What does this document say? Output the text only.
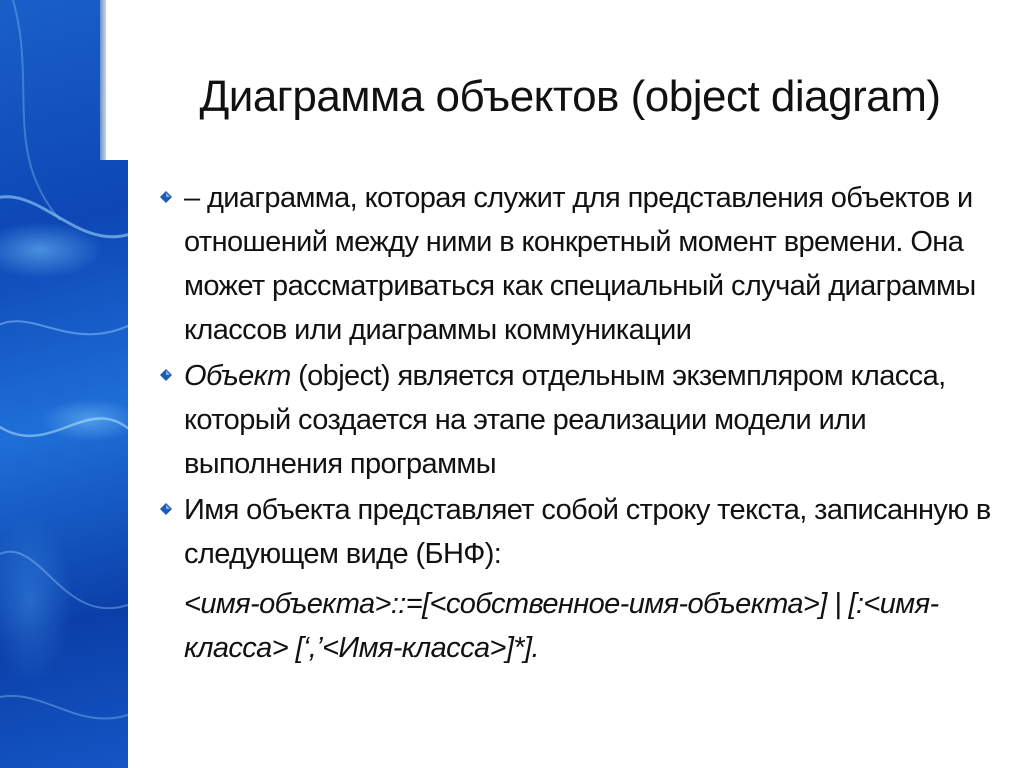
Диаграмма объектов (object diagram)
– диаграмма, которая служит для представления объектов и отношений между ними в конкретный момент времени. Она может рассматриваться как специальный случай диаграммы классов или диаграммы коммуникации
Объект (object) является отдельным экземпляром класса, который создается на этапе реализации модели или выполнения программы
Имя объекта представляет собой строку текста, записанную в следующем виде (БНФ):
<имя-объекта>::=[<собственное-имя-объекта>] | [:<имя-класса> [‘,’<Имя-класса>]*].
